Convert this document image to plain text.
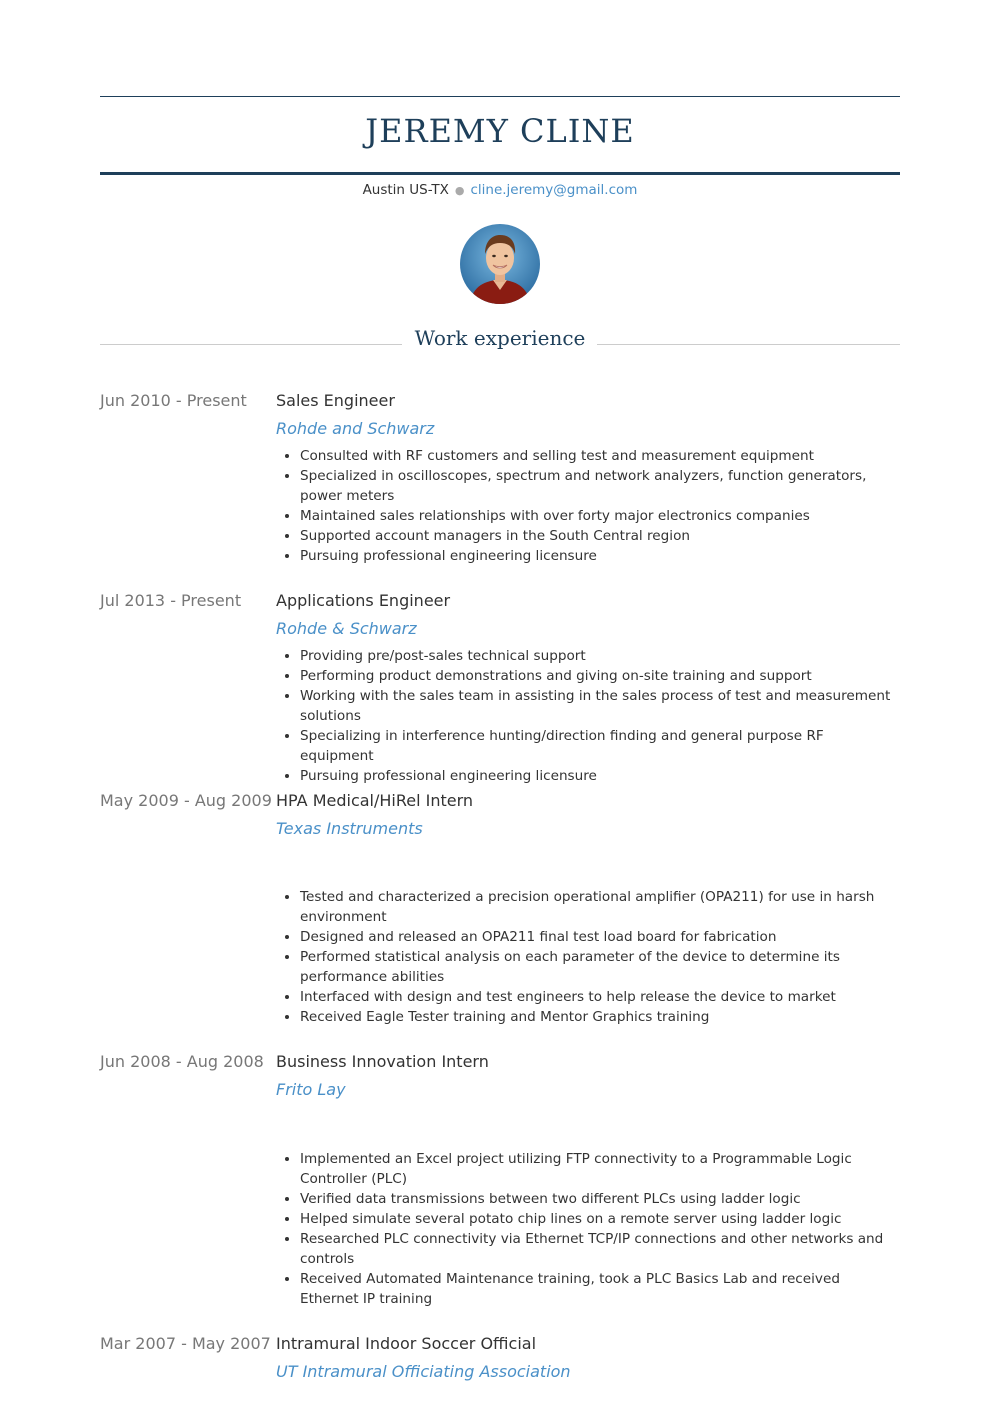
JEREMY CLINE
Austin US-TX ● cline.jeremy@gmail.com
Work experience
Jun 2010 - Present Sales Engineer
Rohde and Schwarz
• Consulted with RF customers and selling test and measurement equipment
• Specialized in oscilloscopes, spectrum and network analyzers, function generators, power meters
• Maintained sales relationships with over forty major electronics companies
• Supported account managers in the South Central region
• Pursuing professional engineering licensure
Jul 2013 - Present Applications Engineer
Rohde & Schwarz
• Providing pre/post-sales technical support
• Performing product demonstrations and giving on-site training and support
• Working with the sales team in assisting in the sales process of test and measurement solutions
• Specializing in interference hunting/direction finding and general purpose RF equipment
• Pursuing professional engineering licensure
May 2009 - Aug 2009 HPA Medical/HiRel Intern
Texas Instruments
• Tested and characterized a precision operational amplifier (OPA211) for use in harsh environment
• Designed and released an OPA211 final test load board for fabrication
• Performed statistical analysis on each parameter of the device to determine its performance abilities
• Interfaced with design and test engineers to help release the device to market
• Received Eagle Tester training and Mentor Graphics training
Jun 2008 - Aug 2008 Business Innovation Intern
Frito Lay
• Implemented an Excel project utilizing FTP connectivity to a Programmable Logic Controller (PLC)
• Verified data transmissions between two different PLCs using ladder logic
• Helped simulate several potato chip lines on a remote server using ladder logic
• Researched PLC connectivity via Ethernet TCP/IP connections and other networks and controls
• Received Automated Maintenance training, took a PLC Basics Lab and received Ethernet IP training
Mar 2007 - May 2007 Intramural Indoor Soccer Official
UT Intramural Officiating Association
